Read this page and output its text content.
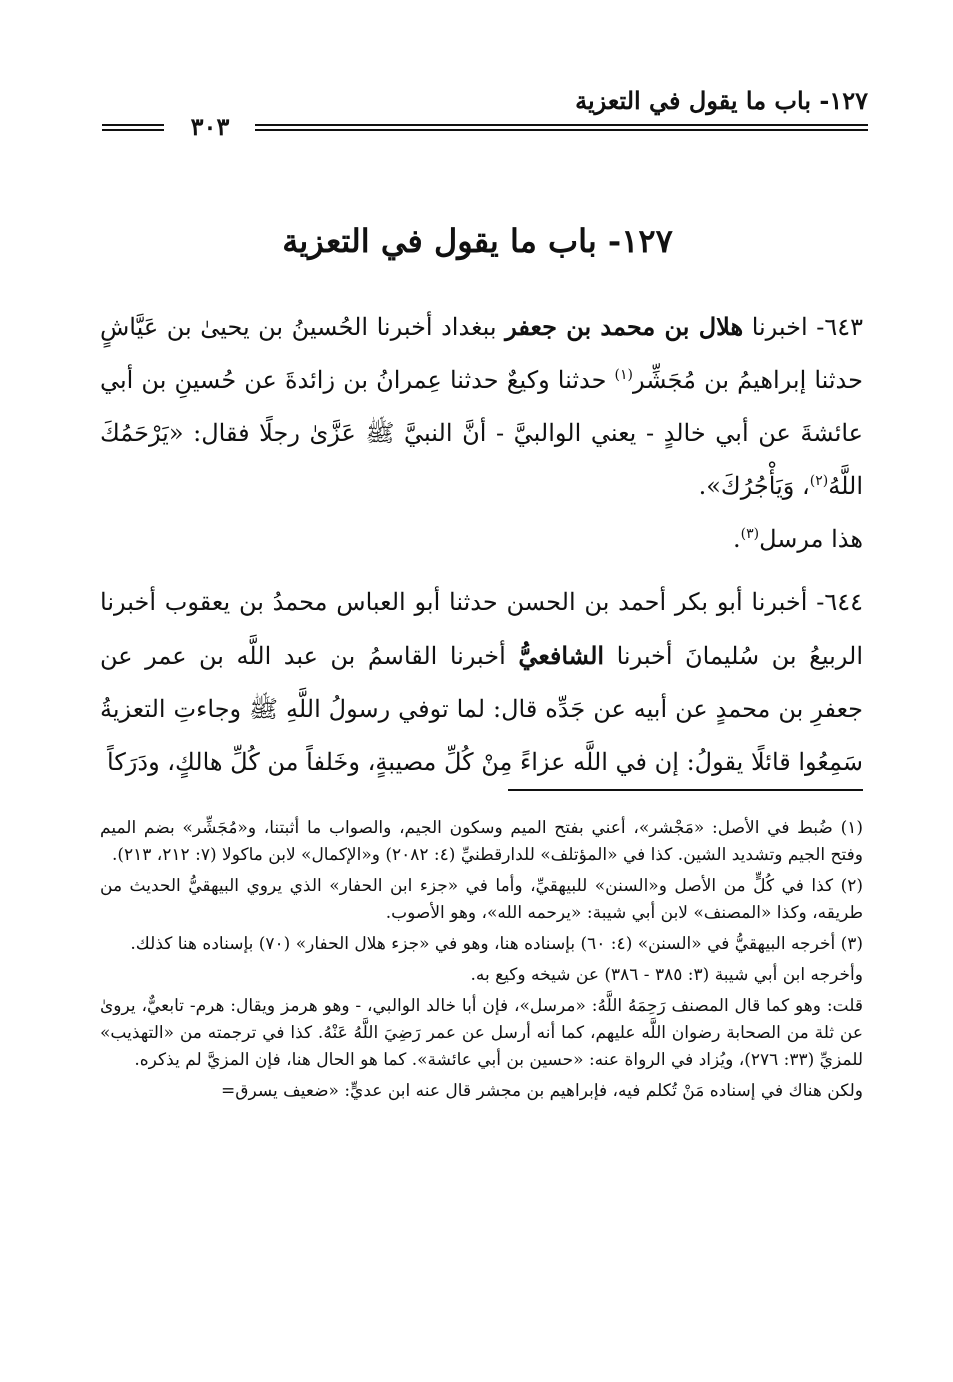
١٢٧- باب ما يقول في التعزية
٣٠٣
١٢٧- باب ما يقول في التعزية

٦٤٣- اخبرنا هلال بن محمد بن جعفر ببغداد أخبرنا الحُسينُ بن يحيىٰ بن عَيَّاشٍ حدثنا إبراهيمُ بن مُجَشِّر$^{(١)}$ حدثنا وكيعٌ حدثنا عِمرانُ بن زائدةَ عن حُسينِ بن أبي عائشةَ عن أبي خالدٍ - يعني الوالبيَّ - أنَّ النبيَّ ﷺ عَزَّىٰ رجلًا فقال: «يَرْحَمُكَ اللَّهُ$^{(٢)}$، وَيَأْجُرُكَ».

هذا مرسل$^{(٣)}$.

٦٤٤- أخبرنا أبو بكر أحمد بن الحسن حدثنا أبو العباس محمدُ بن يعقوب أخبرنا الربيعُ بن سُليمانَ أخبرنا الشافعيُّ أخبرنا القاسمُ بن عبد اللَّه بن عمر عن جعفرِ بن محمدٍ عن أبيه عن جَدِّه قال: لما توفي رسولُ اللَّهِ ﷺ وجاءتِ التعزيةُ سَمِعُوا قائلًا يقولُ: إن في اللَّه عزاءً مِنْ كُلِّ مصيبةٍ، وخَلفاً من كُلِّ هالكٍ، ودَرَكاً

(١) ضُبط في الأصل: «مَجْشر»، أعني بفتح الميم وسكون الجيم، والصواب ما أثبتنا، و«مُجَشِّر» بضم الميم وفتح الجيم وتشديد الشين. كذا في «المؤتلف» للدارقطنيِّ (٤: ٢٠٨٢) و«الإكمال» لابن ماكولا (٧: ٢١٢، ٢١٣).

(٢) كذا في كُلٍّ من الأصل و«السنن» للبيهقيِّ، وأما في «جزء ابن الحفار» الذي يروي البيهقيُّ الحديث من طريقه، وكذا «المصنف» لابن أبي شيبة: «يرحمه الله»، وهو الأصوب.

(٣) أخرجه البيهقيُّ في «السنن» (٤: ٦٠) بإسناده هنا، وهو في «جزء هلال الحفار» (٧٠) بإسناده هنا كذلك.

وأخرجه ابن أبي شيبة (٣: ٣٨٥ - ٣٨٦) عن شيخه وكيع به.

قلت: وهو كما قال المصنف رَحِمَهُ اللَّهُ: «مرسل»، فإن أبا خالد الوالبي، - وهو هرمز ويقال: هرم- تابعيٌّ، يروىٰ عن ثلة من الصحابة رضوان اللَّه عليهم، كما أنه أرسل عن عمر رَضِيَ اللَّهُ عَنْهُ. كذا في ترجمته من «التهذيب» للمزيِّ (٣٣: ٢٧٦)، ويُزاد في الرواة عنه: «حسين بن أبي عائشة». كما هو الحال هنا، فإن المزيَّ لم يذكره.

ولكن هناك في إسناده مَنْ تُكلم فيه، فإبراهيم بن مجشر قال عنه ابن عديٍّ: «ضعيف يسرق=
